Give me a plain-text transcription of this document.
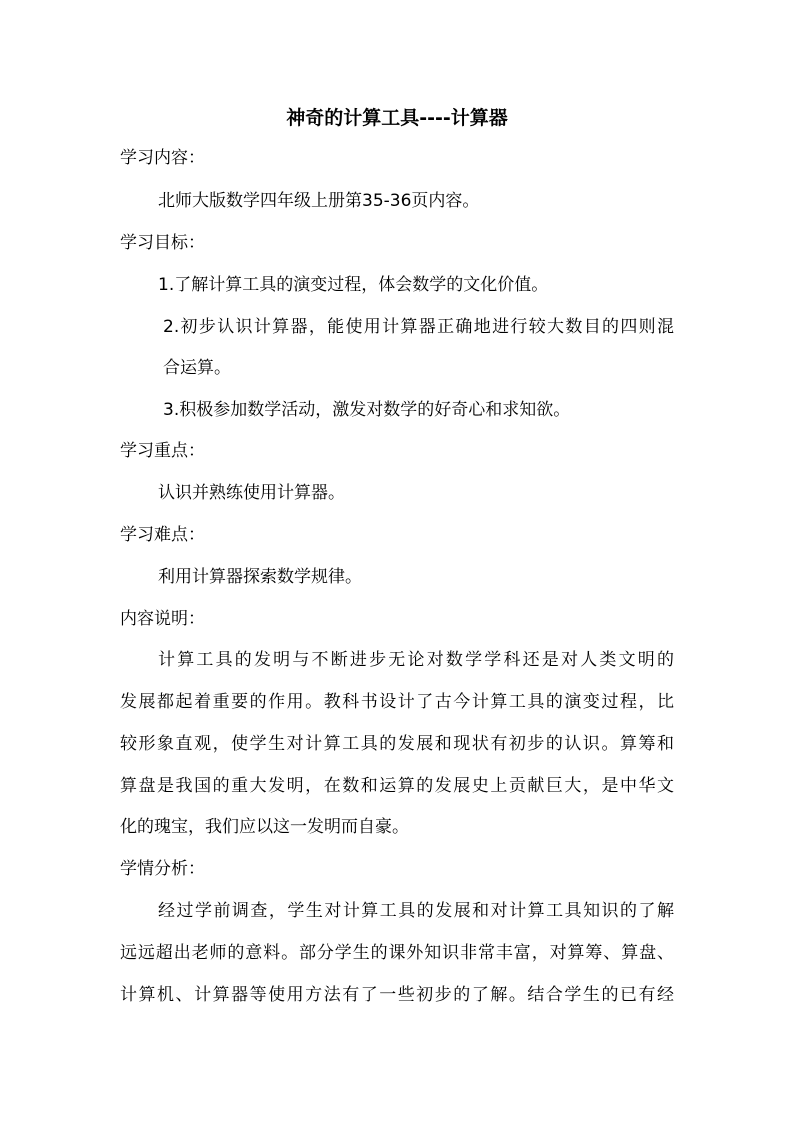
神奇的计算工具----计算器

学习内容：

北师大版数学四年级上册第35-36页内容。

学习目标：

1.了解计算工具的演变过程，体会数学的文化价值。

2.初步认识计算器，能使用计算器正确地进行较大数目的四则混

合运算。

3.积极参加数学活动，激发对数学的好奇心和求知欲。

学习重点：

认识并熟练使用计算器。

学习难点：

利用计算器探索数学规律。

内容说明：

计算工具的发明与不断进步无论对数学学科还是对人类文明的

发展都起着重要的作用。教科书设计了古今计算工具的演变过程，比

较形象直观，使学生对计算工具的发展和现状有初步的认识。算筹和

算盘是我国的重大发明，在数和运算的发展史上贡献巨大，是中华文

化的瑰宝，我们应以这一发明而自豪。

学情分析：

经过学前调查，学生对计算工具的发展和对计算工具知识的了解

远远超出老师的意料。部分学生的课外知识非常丰富，对算筹、算盘、

计算机、计算器等使用方法有了一些初步的了解。结合学生的已有经
